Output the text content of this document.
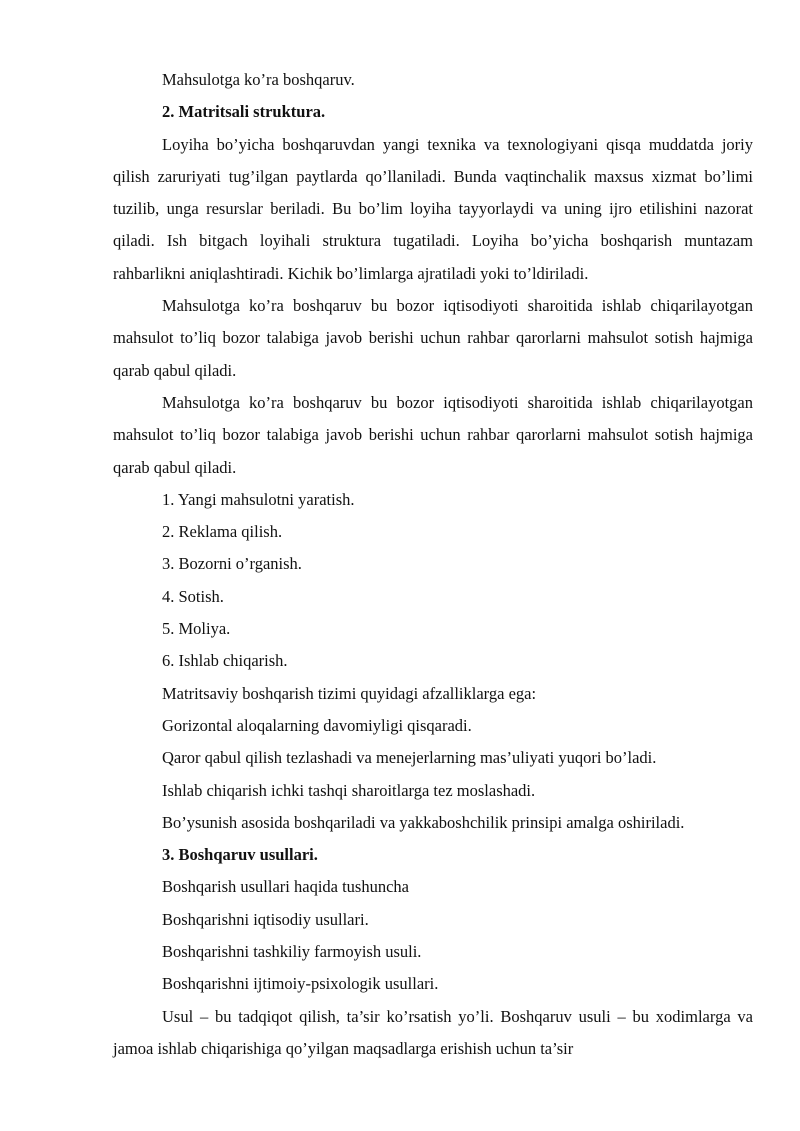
Mahsulotga ko’ra boshqaruv.

2. Matritsali struktura.

Loyiha bo’yicha boshqaruvdan yangi texnika va texnologiyani qisqa muddatda joriy qilish zaruriyati tug’ilgan paytlarda qo’llaniladi. Bunda vaqtinchalik maxsus xizmat bo’limi tuzilib, unga resurslar beriladi. Bu bo’lim loyiha tayyorlaydi va uning ijro etilishini nazorat qiladi. Ish bitgach loyihali struktura tugatiladi. Loyiha bo’yicha boshqarish muntazam rahbarlikni aniqlashtiradi. Kichik bo’limlarga ajratiladi yoki to’ldiriladi.

Mahsulotga ko’ra boshqaruv bu bozor iqtisodiyoti sharoitida ishlab chiqarilayotgan mahsulot to’liq bozor talabiga javob berishi uchun rahbar qarorlarni mahsulot sotish hajmiga qarab qabul qiladi.

Mahsulotga ko’ra boshqaruv bu bozor iqtisodiyoti sharoitida ishlab chiqarilayotgan mahsulot to’liq bozor talabiga javob berishi uchun rahbar qarorlarni mahsulot sotish hajmiga qarab qabul qiladi.

1. Yangi mahsulotni yaratish.

2. Reklama qilish.

3. Bozorni o’rganish.

4. Sotish.

5. Moliya.

6. Ishlab chiqarish.

Matritsaviy boshqarish tizimi quyidagi afzalliklarga ega:

Gorizontal aloqalarning davomiyligi qisqaradi.

Qaror qabul qilish tezlashadi va menejerlarning mas’uliyati yuqori bo’ladi.

Ishlab chiqarish ichki tashqi sharoitlarga tez moslashadi.

Bo’ysunish asosida boshqariladi va yakkaboshchilik prinsipi amalga oshiriladi.

3. Boshqaruv usullari.

Boshqarish usullari haqida tushuncha

Boshqarishni iqtisodiy usullari.

Boshqarishni tashkiliy farmoyish usuli.

Boshqarishni ijtimoiy-psixologik usullari.

Usul – bu tadqiqot qilish, ta’sir ko’rsatish yo’li. Boshqaruv usuli – bu xodimlarga va jamoa ishlab chiqarishiga qo’yilgan maqsadlarga erishish uchun ta’sir
